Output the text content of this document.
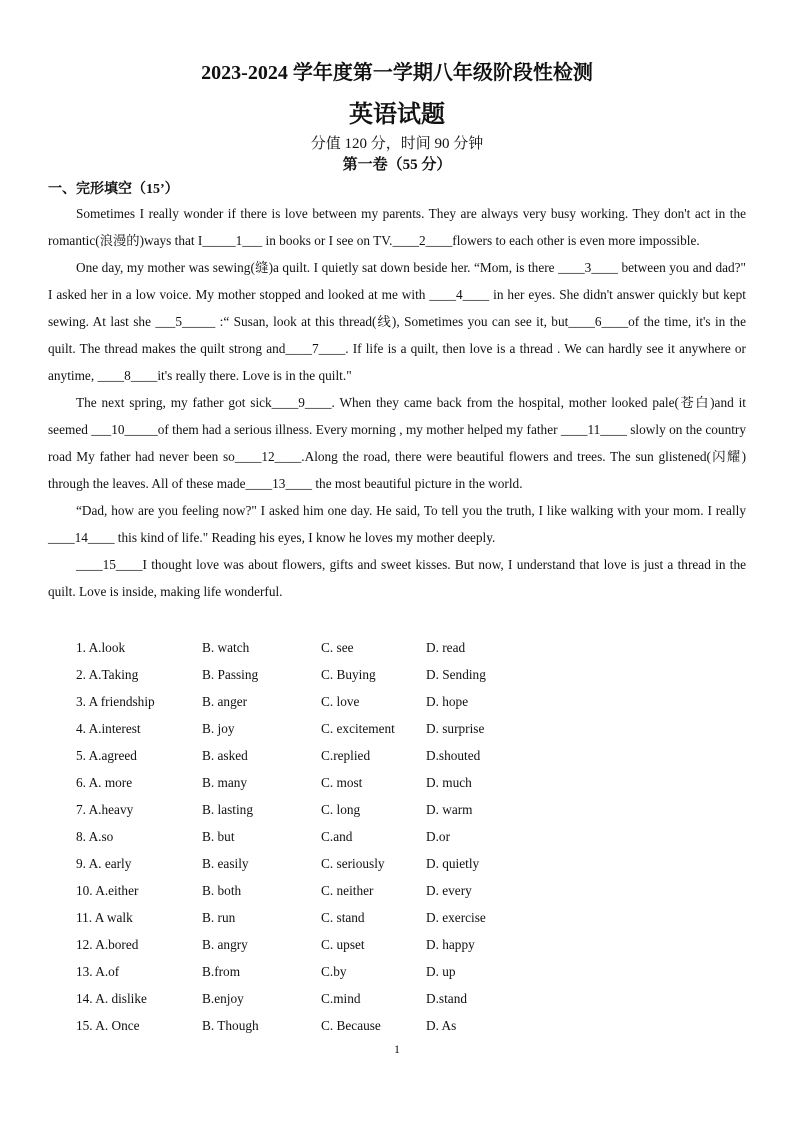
2023-2024 学年度第一学期八年级阶段性检测
英语试题
分值 120 分，时间 90 分钟
第一卷（55 分）
一、完形填空（15’）

Sometimes I really wonder if there is love between my parents. They are always very busy working. They don't act in the romantic(浪漫的)ways that I_____1___ in books or I see on TV.____2____flowers to each other is even more impossible.

One day, my mother was sewing(缝)a quilt. I quietly sat down beside her. “Mom, is there ____3____ between you and dad?" I asked her in a low voice. My mother stopped and looked at me with ____4____ in her eyes. She didn't answer quickly but kept sewing. At last she ___5_____ :“ Susan, look at this thread(线), Sometimes you can see it, but____6____of the time, it's in the quilt. The thread makes the quilt strong and____7____. If life is a quilt, then love is a thread . We can hardly see it anywhere or anytime, ____8____it's really there. Love is in the quilt."

The next spring, my father got sick____9____. When they came back from the hospital, mother looked pale(苍白)and it seemed ___10_____of them had a serious illness. Every morning , my mother helped my father ____11____ slowly on the country road My father had never been so____12____.Along the road, there were beautiful flowers and trees. The sun glistened(闪耀) through the leaves. All of these made____13____ the most beautiful picture in the world.

“Dad, how are you feeling now?" I asked him one day. He said, To tell you the truth, I like walking with your mom. I really ____14____ this kind of life." Reading his eyes, I know he loves my mother deeply.

____15____I thought love was about flowers, gifts and sweet kisses. But now, I understand that love is just a thread in the quilt. Love is inside, making life wonderful.

1. A.look	B. watch	C. see	D. read
2. A.Taking	B. Passing	C. Buying	D. Sending
3. A friendship	B. anger	C. love	D. hope
4. A.interest	B. joy	C. excitement D. surprise
5. A.agreed	B. asked	C.replied	D.shouted
6. A. more	B. many	C. most	D. much
7. A.heavy	B. lasting	C. long	D. warm
8. A.so	B. but	C.and	D.or
9. A. early	B. easily	C. seriously	D. quietly
10. A.either	B. both	C. neither	D. every
11. A walk	B. run	C. stand	D. exercise
12. A.bored	B. angry	C. upset	D. happy
13. A.of	B.from	C.by	D. up
14. A. dislike	B.enjoy	C.mind	D.stand
15. A. Once	B. Though	C. Because	D. As
1
